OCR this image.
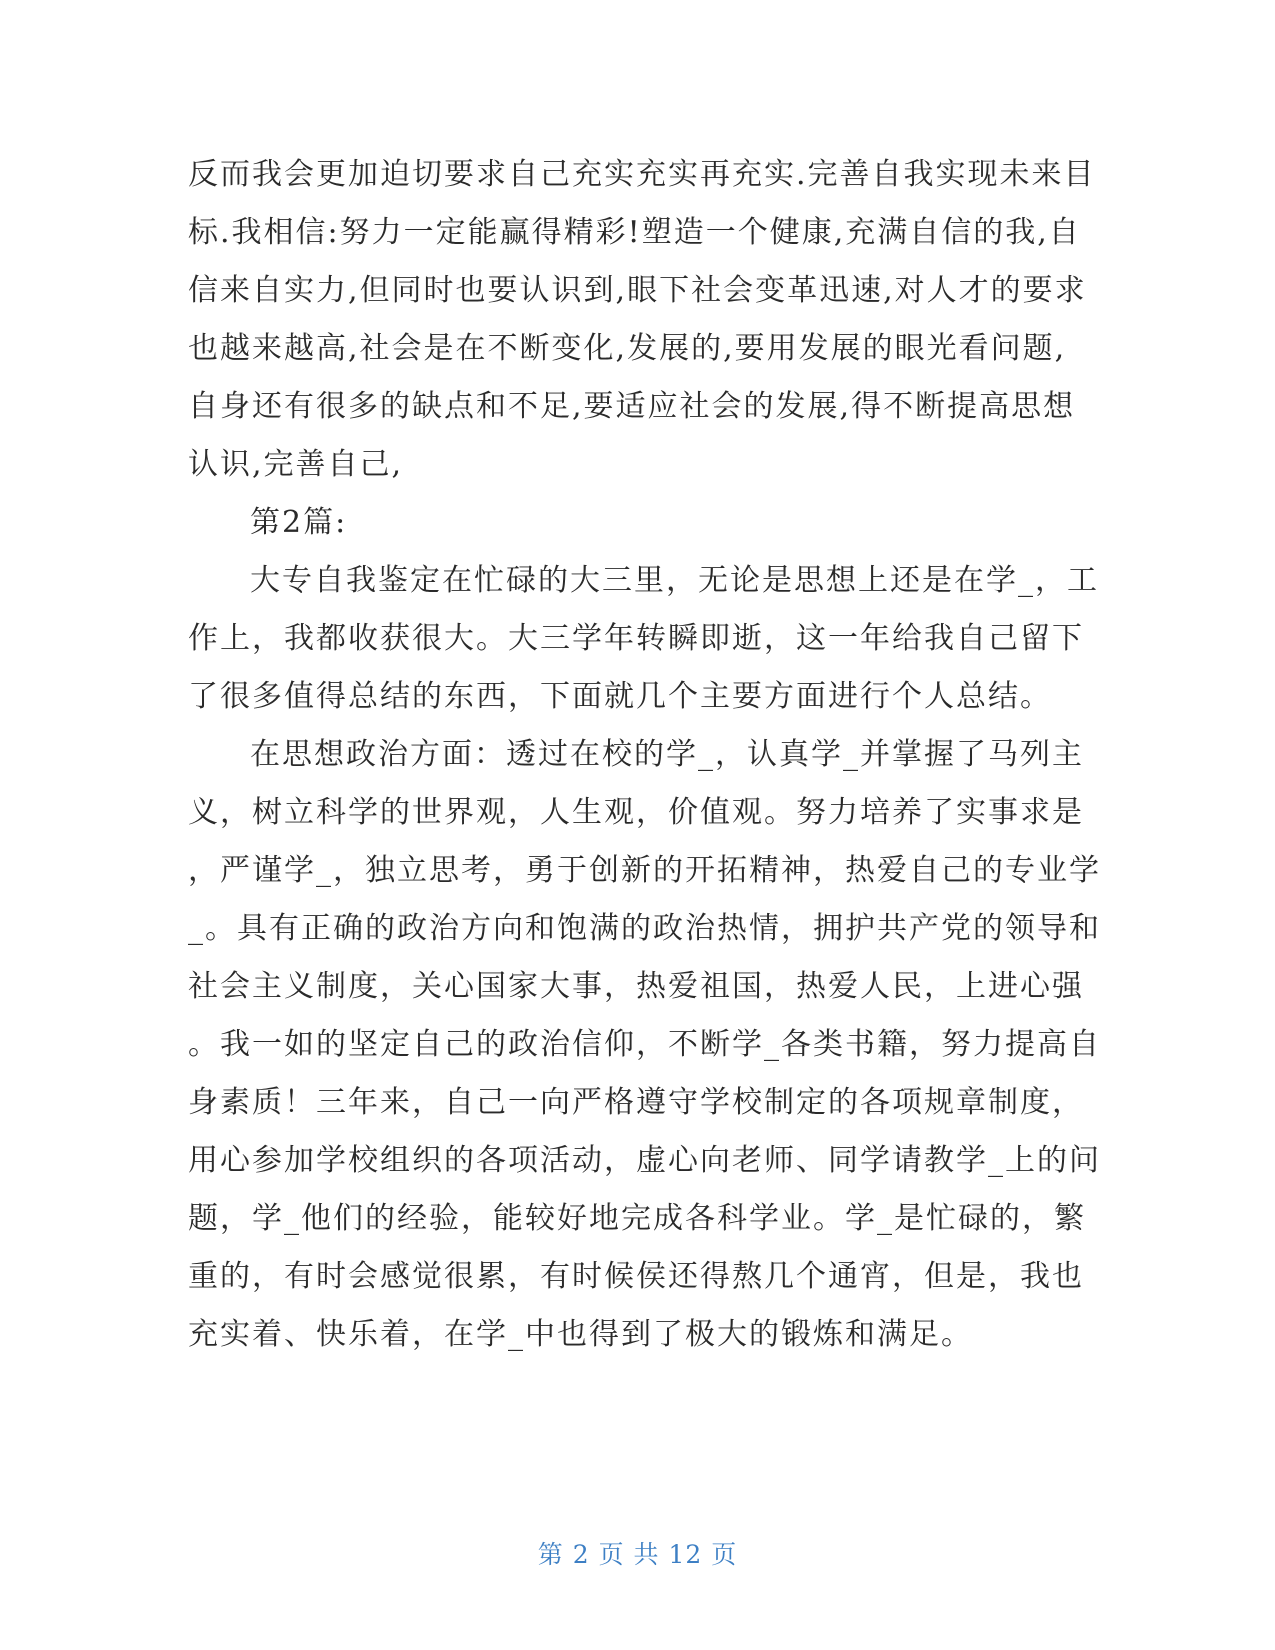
反而我会更加迫切要求自己充实充实再充实.完善自我实现未来目
标.我相信:努力一定能赢得精彩!塑造一个健康,充满自信的我,自
信来自实力,但同时也要认识到,眼下社会变革迅速,对人才的要求
也越来越高,社会是在不断变化,发展的,要用发展的眼光看问题,
自身还有很多的缺点和不足,要适应社会的发展,得不断提高思想
认识,完善自己,
第2篇:
大专自我鉴定在忙碌的大三里，无论是思想上还是在学_，工
作上，我都收获很大。大三学年转瞬即逝，这一年给我自己留下
了很多值得总结的东西，下面就几个主要方面进行个人总结。
在思想政治方面：透过在校的学_，认真学_并掌握了马列主
义，树立科学的世界观，人生观，价值观。努力培养了实事求是
，严谨学_，独立思考，勇于创新的开拓精神，热爱自己的专业学
_。具有正确的政治方向和饱满的政治热情，拥护共产党的领导和
社会主义制度，关心国家大事，热爱祖国，热爱人民，上进心强
。我一如的坚定自己的政治信仰，不断学_各类书籍，努力提高自
身素质！三年来，自己一向严格遵守学校制定的各项规章制度，
用心参加学校组织的各项活动，虚心向老师、同学请教学_上的问
题，学_他们的经验，能较好地完成各科学业。学_是忙碌的，繁
重的，有时会感觉很累，有时候侯还得熬几个通宵，但是，我也
充实着、快乐着，在学_中也得到了极大的锻炼和满足。
第 2 页 共 12 页
